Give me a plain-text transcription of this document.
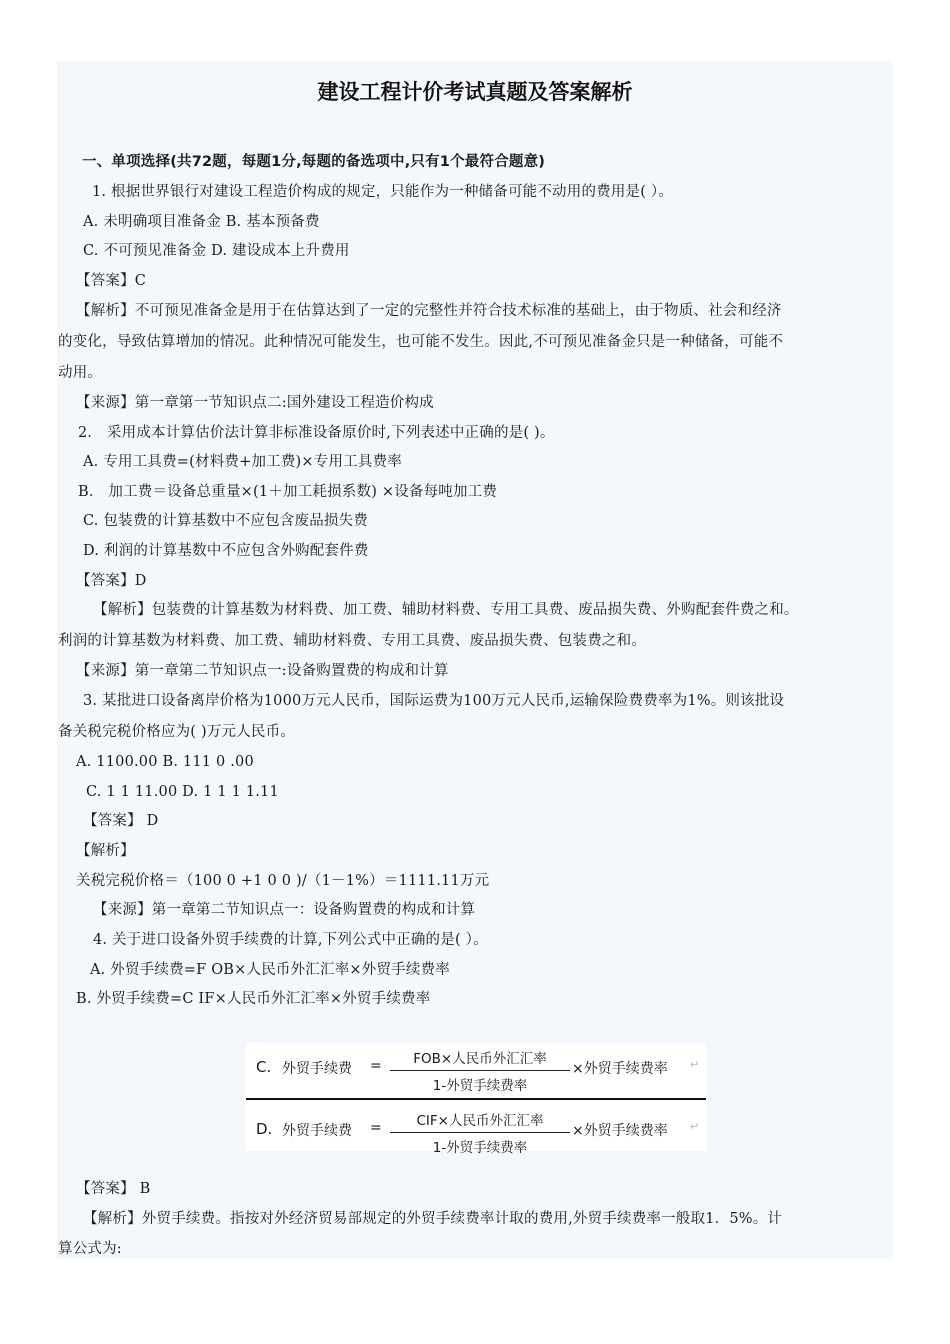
建设工程计价考试真题及答案解析
一、单项选择(共72题，每题1分,每题的备选项中,只有1个最符合题意)
1. 根据世界银行对建设工程造价构成的规定，只能作为一种储备可能不动用的费用是( ）。
A. 未明确项目准备金 B. 基本预备费
C. 不可预见准备金 D. 建设成本上升费用
【答案】C
【解析】不可预见准备金是用于在估算达到了一定的完整性并符合技术标准的基础上，由于物质、社会和经济
的变化，导致估算增加的情况。此种情况可能发生，也可能不发生。因此,不可预见准备金只是一种储备，可能不
动用。
【来源】第一章第一节知识点二:国外建设工程造价构成
2． 采用成本计算估价法计算非标准设备原价时,下列表述中正确的是( )。
A. 专用工具费=(材料费+加工费)×专用工具费率
B． 加工费＝设备总重量×(1＋加工耗损系数) ×设备每吨加工费
C. 包装费的计算基数中不应包含废品损失费
D. 利润的计算基数中不应包含外购配套件费
【答案】D
【解析】包装费的计算基数为材料费、加工费、辅助材料费、专用工具费、废品损失费、外购配套件费之和。
利润的计算基数为材料费、加工费、辅助材料费、专用工具费、废品损失费、包装费之和。
【来源】第一章第二节知识点一:设备购置费的构成和计算
3. 某批进口设备离岸价格为1000万元人民币，国际运费为100万元人民币,运输保险费费率为1%。则该批设
备关税完税价格应为( )万元人民币。
A. 1100.00 B. 111 0 .00
C. 1 1 11.00 D. 1 1 1 1.11
【答案】 D
【解析】
关税完税价格＝（100 0 +1 0 0 )/（1－1%）＝1111.11万元
【来源】第一章第二节知识点一：设备购置费的构成和计算
4. 关于进口设备外贸手续费的计算,下列公式中正确的是( ）。
A. 外贸手续费=F OB×人民币外汇汇率×外贸手续费率
B. 外贸手续费=C IF×人民币外汇汇率×外贸手续费率
C. 外贸手续费 =	FOB×人民币外汇汇率
1-外贸手续费率
×外贸手续费率 ↵
D. 外贸手续费 =	CIF×人民币外汇汇率
1-外贸手续费率
×外贸手续费率 ↵
【答案】 B
【解析】外贸手续费。指按对外经济贸易部规定的外贸手续费率计取的费用,外贸手续费率一般取1．5%。计
算公式为:
